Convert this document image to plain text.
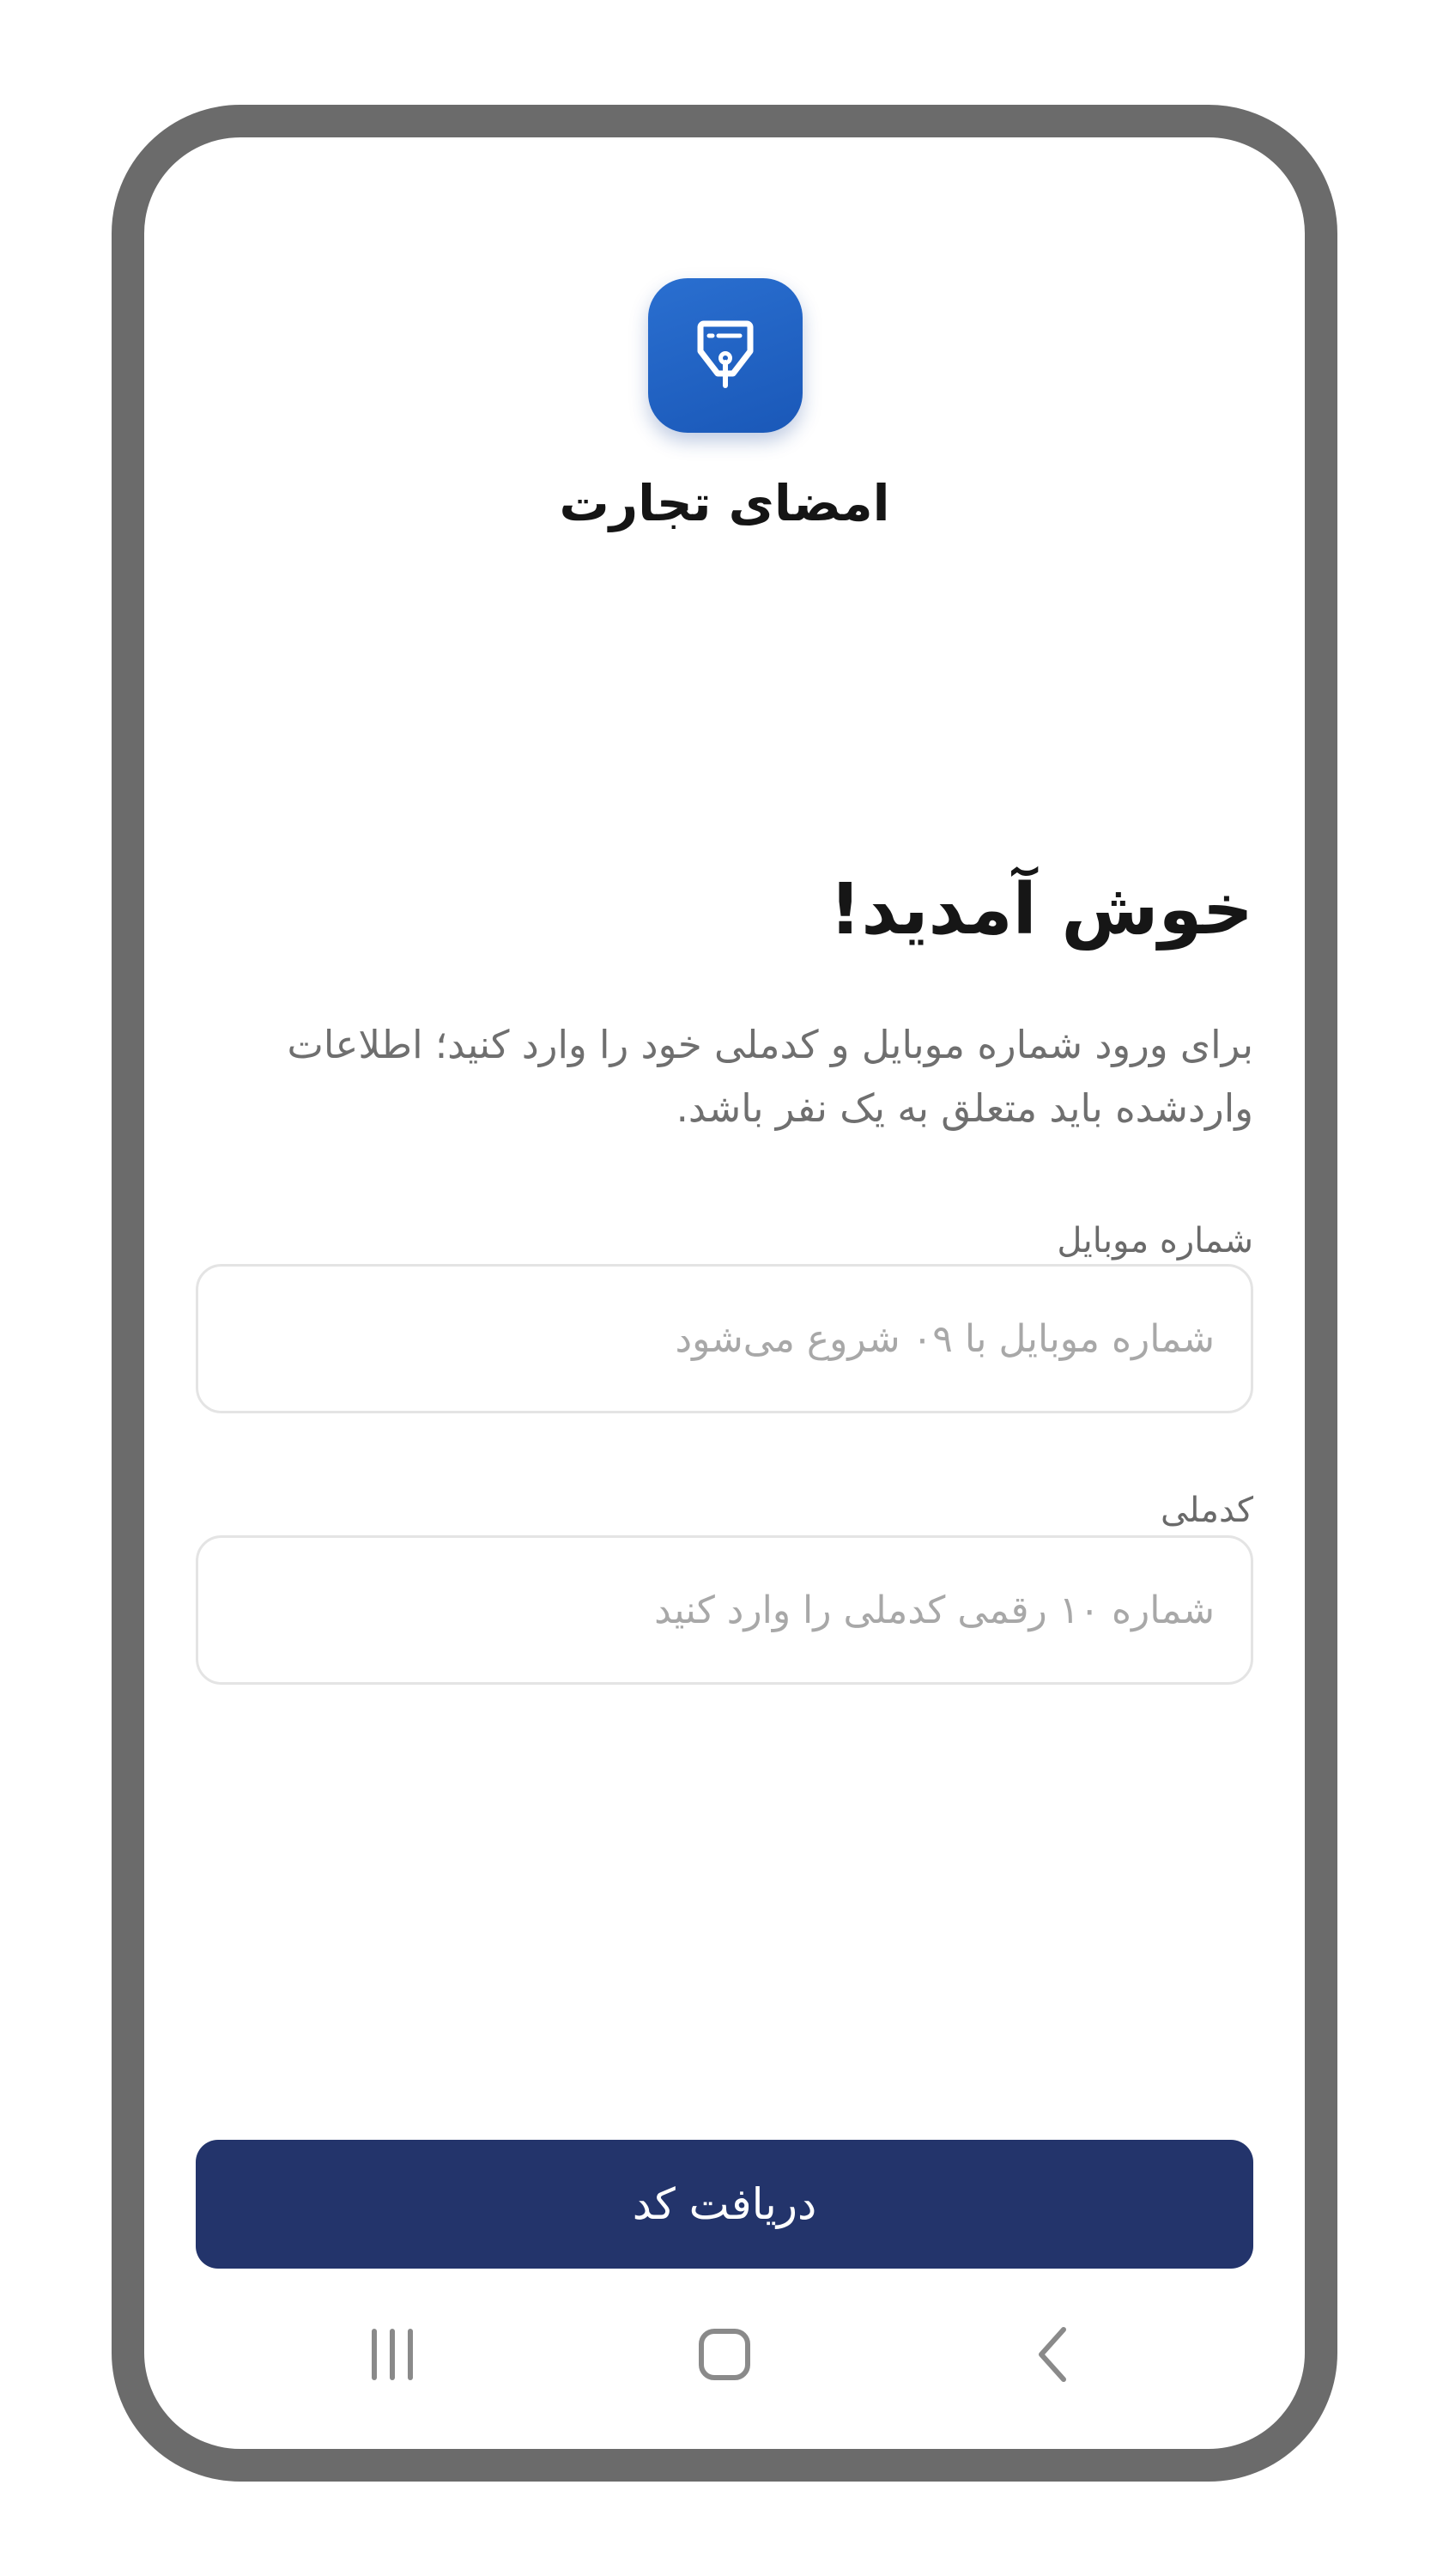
امضای تجارت
خوش آمدید!
برای ورود شماره موبایل و کدملی خود را وارد کنید؛ اطلاعات واردشده باید متعلق به یک نفر باشد.
شماره موبایل
شماره موبایل با ۰۹ شروع می‌شود
کدملی
شماره ۱۰ رقمی کدملی را وارد کنید
دریافت کد
